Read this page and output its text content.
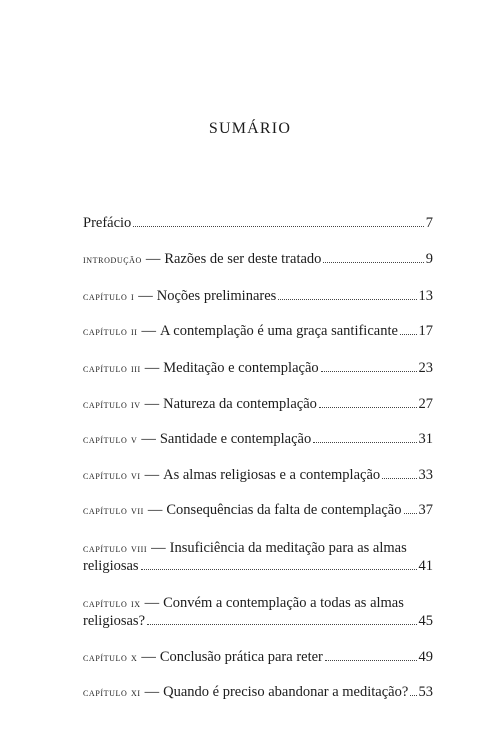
SUMÁRIO
Prefácio	7
introdução — Razões de ser deste tratado	9
capítulo i — Noções preliminares	13
capítulo ii — A contemplação é uma graça santificante 17
capítulo iii — Meditação e contemplação	23
capítulo iv — Natureza da contemplação	27
capítulo v — Santidade e contemplação	31
capítulo vi — As almas religiosas e a contemplação	33
capítulo vii — Consequências da falta de contemplação 37
capítulo viii — Insuficiência da meditação para as almas
religiosas	41
capítulo ix — Convém a contemplação a todas as almas
religiosas?	45
capítulo x — Conclusão prática para reter	49
capítulo xi — Quando é preciso abandonar a meditação? 53
